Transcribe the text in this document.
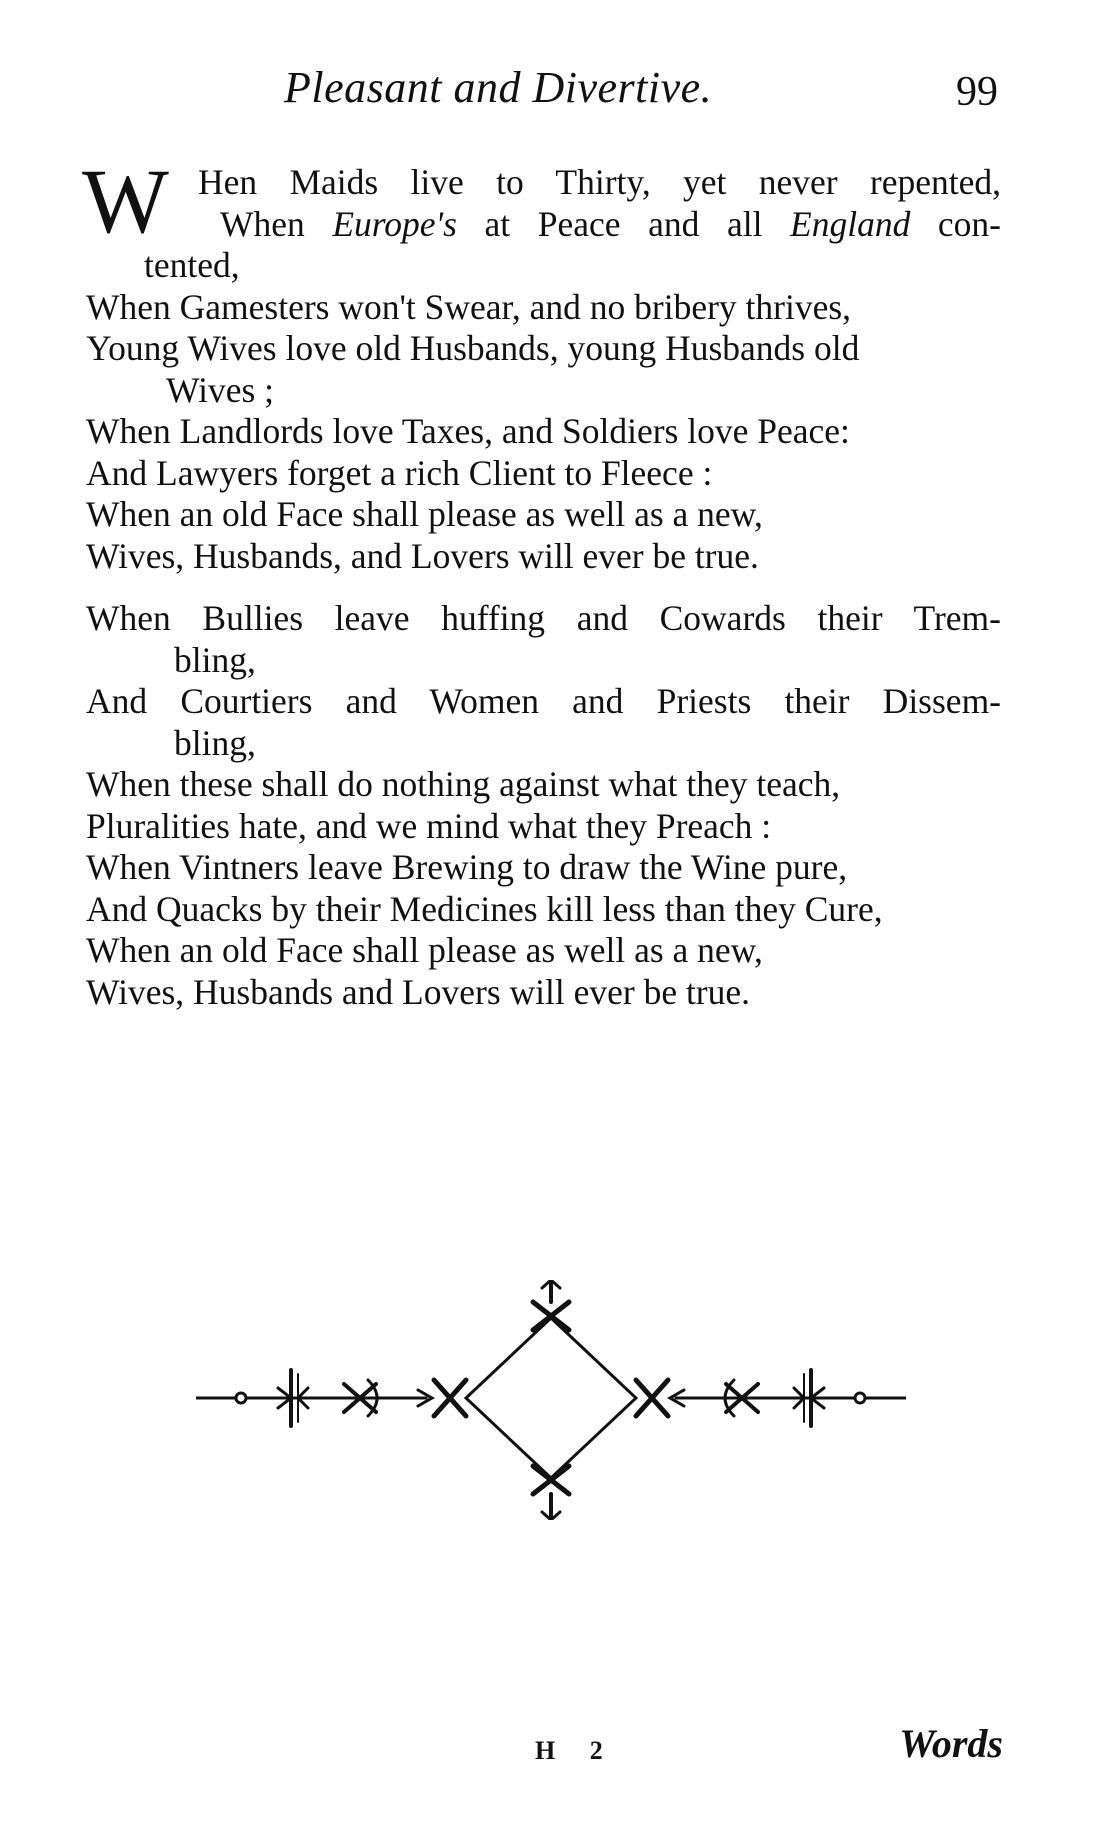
Pleasant and Divertive.	99
W Hen Maids live to Thirty, yet never repented,
When Europe's at Peace and all England con-
tented,
When Gamesters won't Swear, and no bribery thrives,
Young Wives love old Husbands, young Husbands old
Wives ;
When Landlords love Taxes, and Soldiers love Peace:
And Lawyers forget a rich Client to Fleece :
When an old Face shall please as well as a new,
Wives, Husbands, and Lovers will ever be true.
When Bullies leave huffing and Cowards their Trem-
bling,
And Courtiers and Women and Priests their Dissem-
bling,
When these shall do nothing against what they teach,
Pluralities hate, and we mind what they Preach :
When Vintners leave Brewing to draw the Wine pure,
And Quacks by their Medicines kill less than they Cure,
When an old Face shall please as well as a new,
Wives, Husbands and Lovers will ever be true.
H 2	Words
